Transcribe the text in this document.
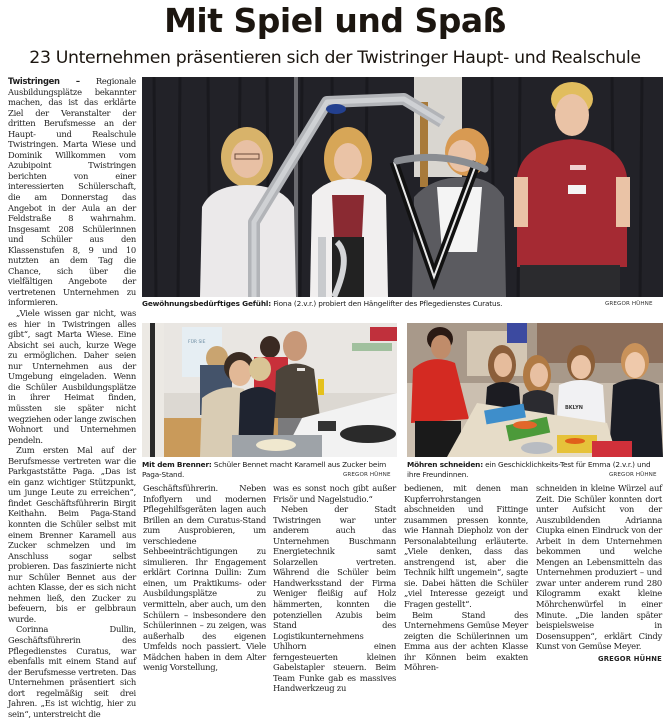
Mit Spiel und Spaß
23 Unternehmen präsentieren sich der Twistringer Haupt- und Realschule

Twistringen – Regionale Ausbildungsplätze bekannter machen, das ist das erklärte Ziel der Veranstalter der dritten Berufsmesse an der Haupt- und Realschule Twistringen. Marta Wiese und Dominik Willkommen vom Azubipoint Twistringen berichten von einer interessierten Schülerschaft, die am Donnerstag das Angebot in der Aula an der Feldstraße 8 wahrnahm. Insgesamt 208 Schülerinnen und Schüler aus den Klassenstufen 8, 9 und 10 nutzten an dem Tag die Chance, sich über die vielfältigen Angebote der vertretenen Unternehmen zu informieren.

„Viele wissen gar nicht, was es hier in Twistringen alles gibt“, sagt Marta Wiese. Eine Absicht sei auch, kurze Wege zu ermöglichen. Daher seien nur Unternehmen aus der Umgebung eingeladen. Wenn die Schüler Ausbildungsplätze in ihrer Heimat finden, müssten sie später nicht wegziehen oder lange zwischen Wohnort und Unternehmen pendeln.

Zum ersten Mal auf der Berufsmesse vertreten war die Parkgaststätte Paga. „Das ist ein ganz wichtiger Stützpunkt, um junge Leute zu erreichen“, findet Geschäftsführerin Birgit Keithahn. Beim Paga-Stand konnten die Schüler selbst mit einem Brenner Karamell aus Zucker schmelzen und im Anschluss sogar selbst probieren. Das faszinierte nicht nur Schüler Bennet aus der achten Klasse, der es sich nicht nehmen ließ, den Zucker zu befeuern, bis er gelbbraun wurde.

Corinna Dullin, Geschäftsführerin des Pflegedienstes Curatus, war ebenfalls mit einem Stand auf der Berufsmesse vertreten. Das Unternehmen präsentiert sich dort regelmäßig seit drei Jahren. „Es ist wichtig, hier zu sein“, unterstreicht die

Gewöhnungsbedürftiges Gefühl: Fiona (2.v.r.) probiert den Hängelifter des Pflegedienstes Curatus.	GREGOR HÜHNE
FÜR SIE
Mit dem Brenner: Schüler Bennet macht Karamell aus Zucker beim Paga-Stand.	GREGOR HÜHNE
BKLYN
Möhren schneiden: ein Geschicklichkeits-Test für Emma (2.v.r.) und ihre Freundinnen.	GREGOR HÜHNE

Geschäftsführerin. Neben Infoflyern und modernen Pflegehilfsgeräten lagen auch Brillen an dem Curatus-Stand zum Ausprobieren, um verschiedene Sehbeeinträchtigungen zu simulieren. Ihr Engagement erklärt Corinna Dullin: Zum einen, um Praktikums- oder Ausbildungsplätze zu vermitteln, aber auch, um den Schülern – insbesondere den Schülerinnen – zu zeigen, was außerhalb des eigenen Umfelds noch passiert. Viele Mädchen haben in dem Alter wenig Vorstellung,

was es sonst noch gibt außer Frisör und Nagelstudio.“

Neben der Stadt Twistringen war unter anderem auch das Unternehmen Buschmann Energietechnik samt Solarzellen vertreten. Während die Schüler beim Handwerksstand der Firma Weniger fleißig auf Holz hämmerten, konnten die potenziellen Azubis beim Stand des Logistikunternehmens Uhlhorn einen ferngesteuerten kleinen Gabelstapler steuern. Beim Team Funke gab es massives Handwerkzeug zu

bedienen, mit denen man Kupferrohrstangen abschneiden und Fittinge zusammen pressen konnte, wie Hannah Diepholz von der Personalabteilung erläuterte. „Viele denken, dass das anstrengend ist, aber die Technik hilft ungemein“, sagte sie. Dabei hätten die Schüler „viel Interesse gezeigt und Fragen gestellt“.

Beim Stand des Unternehmens Gemüse Meyer zeigten die Schülerinnen um Emma aus der achten Klasse ihr Können beim exakten Möhren-

schneiden in kleine Würzel auf Zeit. Die Schüler konnten dort unter Aufsicht von der Auszubildenden Adrianna Ciupka einen Eindruck von der Arbeit in dem Unternehmen bekommen und welche Mengen an Lebensmitteln das Unternehmen produziert – und zwar unter anderem rund 280 Kilogramm exakt kleine Möhrchenwürfel in einer Minute. „Die landen später beispielsweise in Dosensuppen“, erklärt Cindy Kunst von Gemüse Meyer.

GREGOR HÜHNE
